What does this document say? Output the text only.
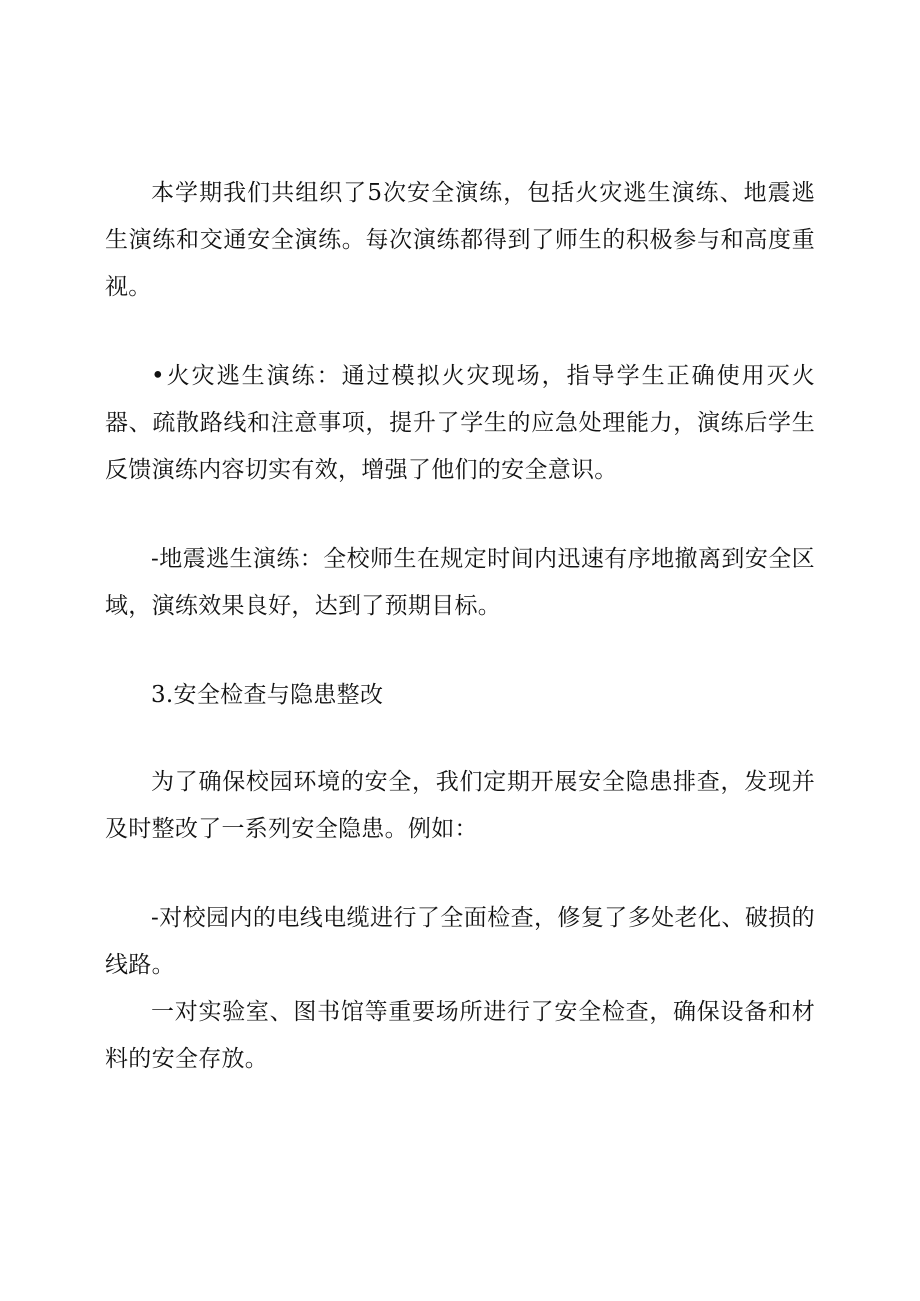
本学期我们共组织了5次安全演练，包括火灾逃生演练、地震逃生演练和交通安全演练。每次演练都得到了师生的积极参与和高度重视。

•火灾逃生演练：通过模拟火灾现场，指导学生正确使用灭火器、疏散路线和注意事项，提升了学生的应急处理能力，演练后学生反馈演练内容切实有效，增强了他们的安全意识。

-地震逃生演练：全校师生在规定时间内迅速有序地撤离到安全区域，演练效果良好，达到了预期目标。

3.安全检查与隐患整改

为了确保校园环境的安全，我们定期开展安全隐患排查，发现并及时整改了一系列安全隐患。例如：

-对校园内的电线电缆进行了全面检查，修复了多处老化、破损的线路。

一对实验室、图书馆等重要场所进行了安全检查，确保设备和材料的安全存放。
